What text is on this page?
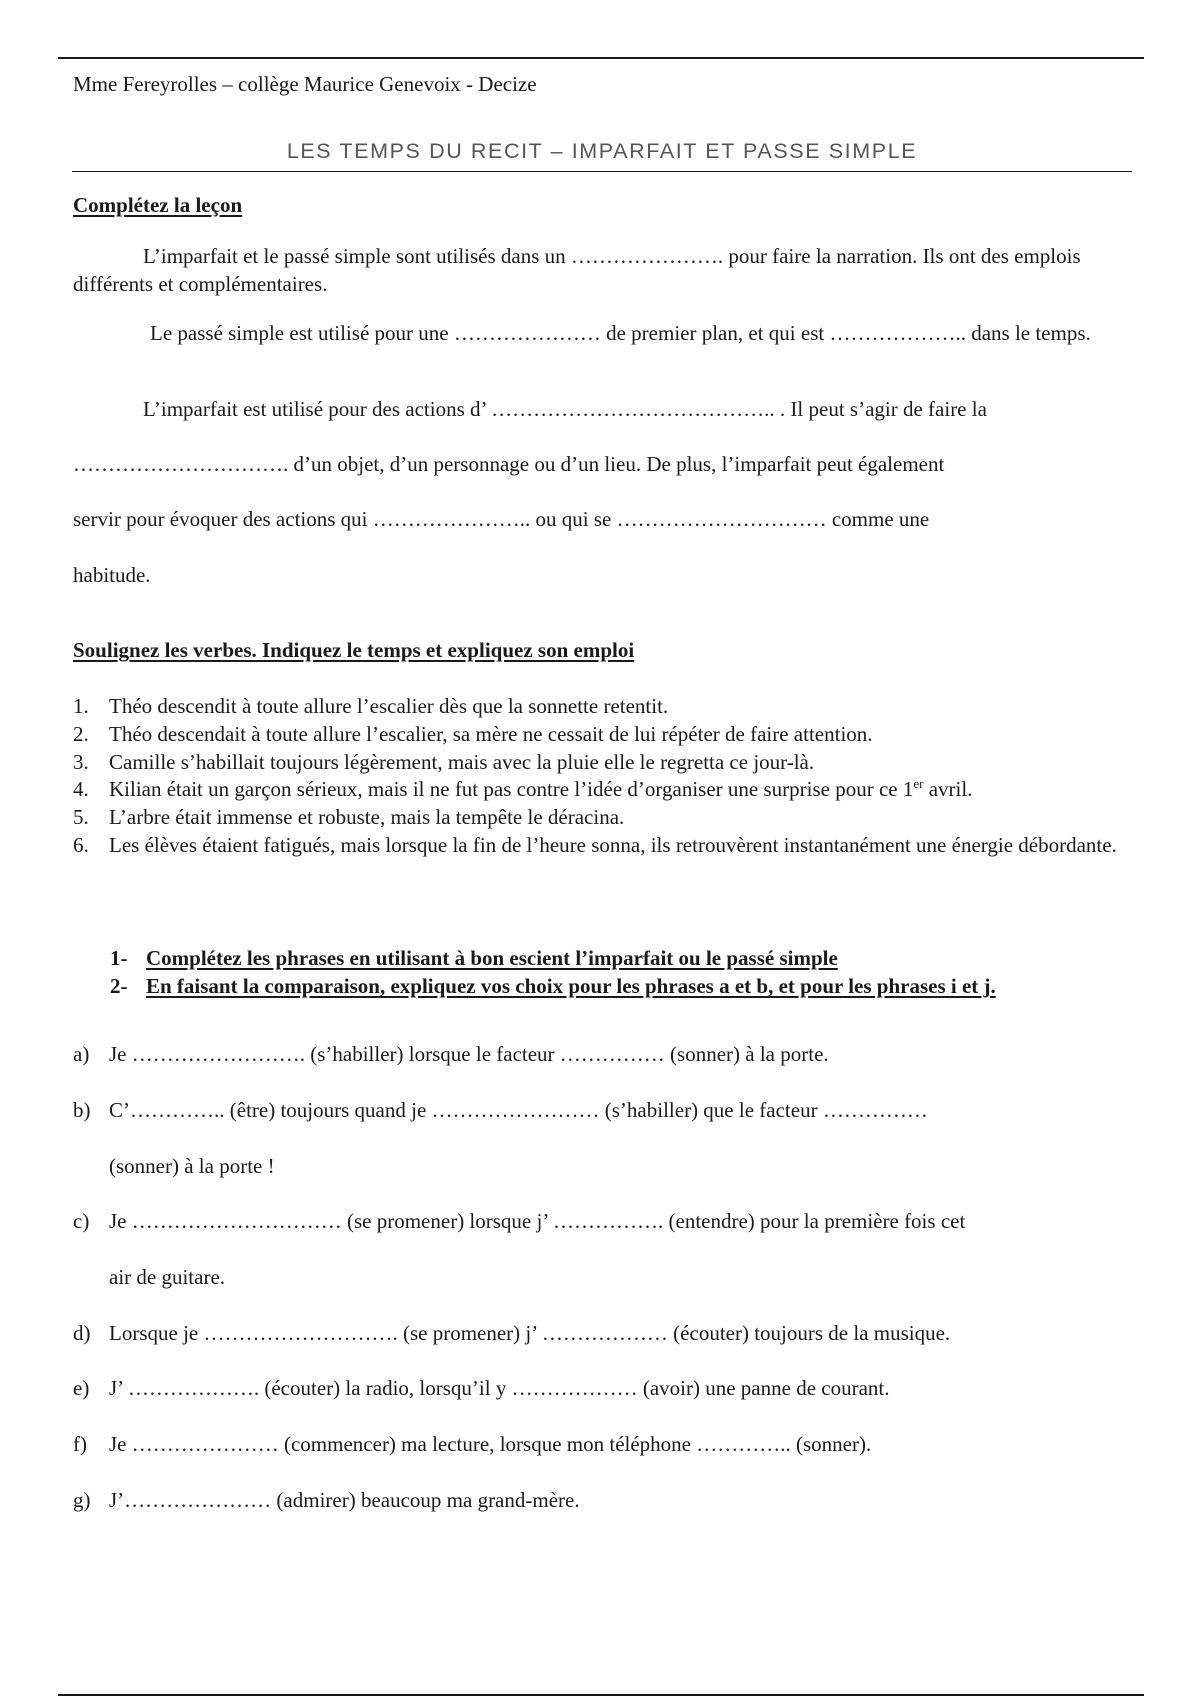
Mme Fereyrolles – collège Maurice Genevoix - Decize
LES TEMPS DU RECIT – IMPARFAIT ET PASSE SIMPLE
Complétez la leçon
L’imparfait et le passé simple sont utilisés dans un …………………. pour faire la narration. Ils ont des emplois différents et complémentaires.
Le passé simple est utilisé pour une ………………… de premier plan, et qui est ……………….. dans le temps.
L’imparfait est utilisé pour des actions d’ ………………………………….. . Il peut s’agir de faire la
…………………………. d’un objet, d’un personnage ou d’un lieu. De plus, l’imparfait peut également
servir pour évoquer des actions qui ………………….. ou qui se ………………………… comme une
habitude.
Soulignez les verbes. Indiquez le temps et expliquez son emploi
1. Théo descendit à toute allure l’escalier dès que la sonnette retentit.
2. Théo descendait à toute allure l’escalier, sa mère ne cessait de lui répéter de faire attention.
3. Camille s’habillait toujours légèrement, mais avec la pluie elle le regretta ce jour-là.
4. Kilian était un garçon sérieux, mais il ne fut pas contre l’idée d’organiser une surprise pour ce 1er avril.
5. L’arbre était immense et robuste, mais la tempête le déracina.
6. Les élèves étaient fatigués, mais lorsque la fin de l’heure sonna, ils retrouvèrent instantanément une énergie débordante.
1- Complétez les phrases en utilisant à bon escient l’imparfait ou le passé simple
2- En faisant la comparaison, expliquez vos choix pour les phrases a et b, et pour les phrases i et j.
a) Je ……………………. (s’habiller) lorsque le facteur …………… (sonner) à la porte.
b) C’………….. (être) toujours quand je …………………… (s’habiller) que le facteur ……………
(sonner) à la porte !
c) Je ………………………… (se promener) lorsque j’ ……………. (entendre) pour la première fois cet
air de guitare.
d) Lorsque je ………………………. (se promener) j’ ……………… (écouter) toujours de la musique.
e) J’ ………………. (écouter) la radio, lorsqu’il y ……………… (avoir) une panne de courant.
f) Je ………………… (commencer) ma lecture, lorsque mon téléphone ………….. (sonner).
g) J’………………… (admirer) beaucoup ma grand-mère.
